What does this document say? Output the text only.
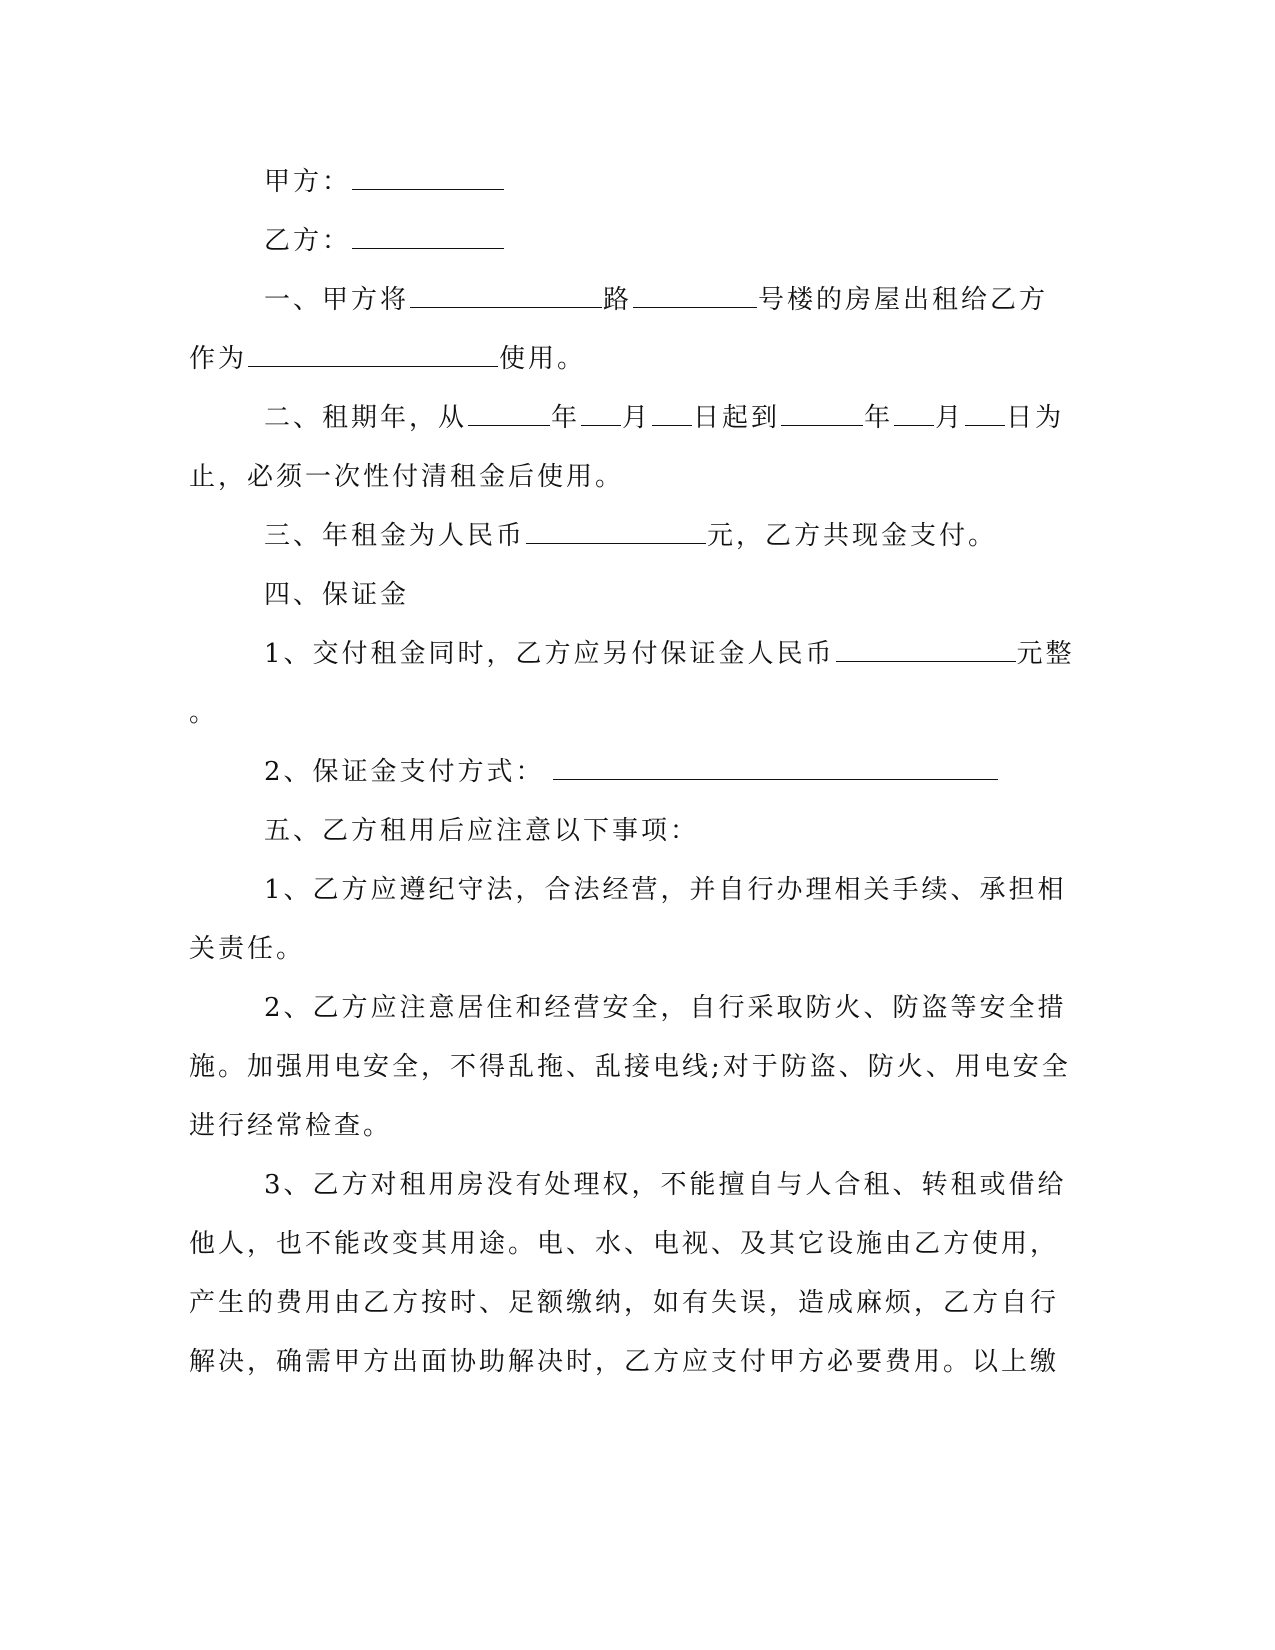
甲方：
乙方：
一、甲方将	路	号楼的房屋出租给乙方
作为	使用。
二、租期年，从	年 月 日起到	年 月 日为
止，必须一次性付清租金后使用。
三、年租金为人民币	元，乙方共现金支付。
四、保证金
1、交付租金同时，乙方应另付保证金人民币	元整
。
2、保证金支付方式：
五、乙方租用后应注意以下事项：
1、乙方应遵纪守法，合法经营，并自行办理相关手续、承担相
关责任。
2、乙方应注意居住和经营安全，自行采取防火、防盗等安全措
施。加强用电安全，不得乱拖、乱接电线;对于防盗、防火、用电安全
进行经常检查。
3、乙方对租用房没有处理权，不能擅自与人合租、转租或借给
他人，也不能改变其用途。电、水、电视、及其它设施由乙方使用，
产生的费用由乙方按时、足额缴纳，如有失误，造成麻烦，乙方自行
解决，确需甲方出面协助解决时，乙方应支付甲方必要费用。以上缴
